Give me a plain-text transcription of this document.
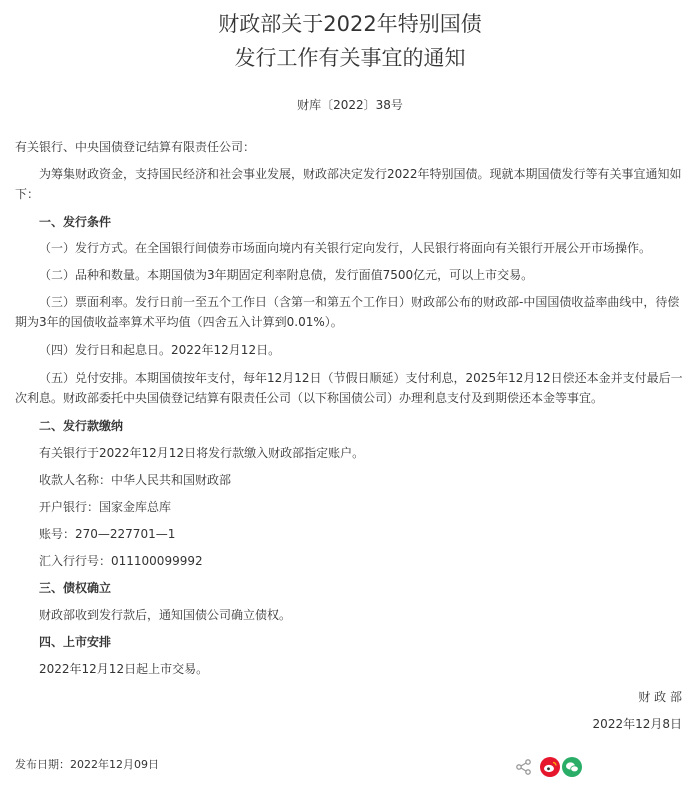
财政部关于2022年特别国债
发行工作有关事宜的通知
财库〔2022〕38号
有关银行、中央国债登记结算有限责任公司：
为筹集财政资金，支持国民经济和社会事业发展，财政部决定发行2022年特别国债。现就本期国债发行等有关事宜通知如下：
一、发行条件
（一）发行方式。在全国银行间债券市场面向境内有关银行定向发行，人民银行将面向有关银行开展公开市场操作。
（二）品种和数量。本期国债为3年期固定利率附息债，发行面值7500亿元，可以上市交易。
（三）票面利率。发行日前一至五个工作日（含第一和第五个工作日）财政部公布的财政部-中国国债收益率曲线中，待偿期为3年的国债收益率算术平均值（四舍五入计算到0.01%）。
（四）发行日和起息日。2022年12月12日。
（五）兑付安排。本期国债按年支付，每年12月12日（节假日顺延）支付利息，2025年12月12日偿还本金并支付最后一次利息。财政部委托中央国债登记结算有限责任公司（以下称国债公司）办理利息支付及到期偿还本金等事宜。
二、发行款缴纳
有关银行于2022年12月12日将发行款缴入财政部指定账户。
收款人名称：中华人民共和国财政部
开户银行：国家金库总库
账号：270—227701—1
汇入行行号：011100099992
三、债权确立
财政部收到发行款后，通知国债公司确立债权。
四、上市安排
2022年12月12日起上市交易。
财 政 部
2022年12月8日
发布日期：2022年12月09日
